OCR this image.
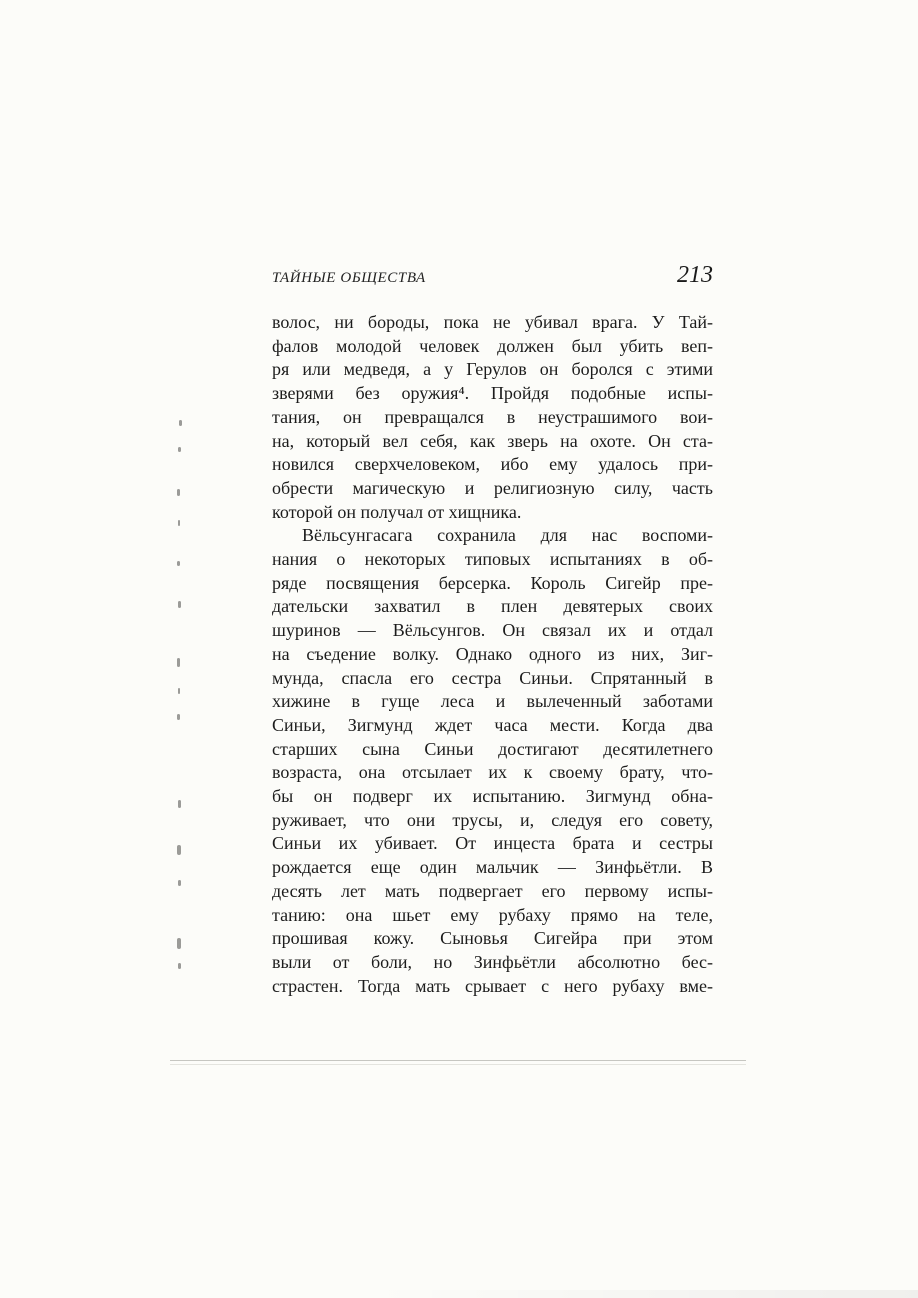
ТАЙНЫЕ ОБЩЕСТВА	213
волос, ни бороды, пока не убивал врага. У Тай-
фалов молодой человек должен был убить веп-
ря или медведя, а у Герулов он боролся с этими
зверями без оружия⁴. Пройдя подобные испы-
тания, он превращался в неустрашимого вои-
на, который вел себя, как зверь на охоте. Он ста-
новился сверхчеловеком, ибо ему удалось при-
обрести магическую и религиозную силу, часть
которой он получал от хищника.
Вёльсунгасага сохранила для нас воспоми-
нания о некоторых типовых испытаниях в об-
ряде посвящения берсерка. Король Сигейр пре-
дательски захватил в плен девятерых своих
шуринов — Вёльсунгов. Он связал их и отдал
на съедение волку. Однако одного из них, Зиг-
мунда, спасла его сестра Синьи. Спрятанный в
хижине в гуще леса и вылеченный заботами
Синьи, Зигмунд ждет часа мести. Когда два
старших сына Синьи достигают десятилетнего
возраста, она отсылает их к своему брату, что-
бы он подверг их испытанию. Зигмунд обна-
руживает, что они трусы, и, следуя его совету,
Синьи их убивает. От инцеста брата и сестры
рождается еще один мальчик — Зинфьётли. В
десять лет мать подвергает его первому испы-
танию: она шьет ему рубаху прямо на теле,
прошивая кожу. Сыновья Сигейра при этом
выли от боли, но Зинфьётли абсолютно бес-
страстен. Тогда мать срывает с него рубаху вме-
